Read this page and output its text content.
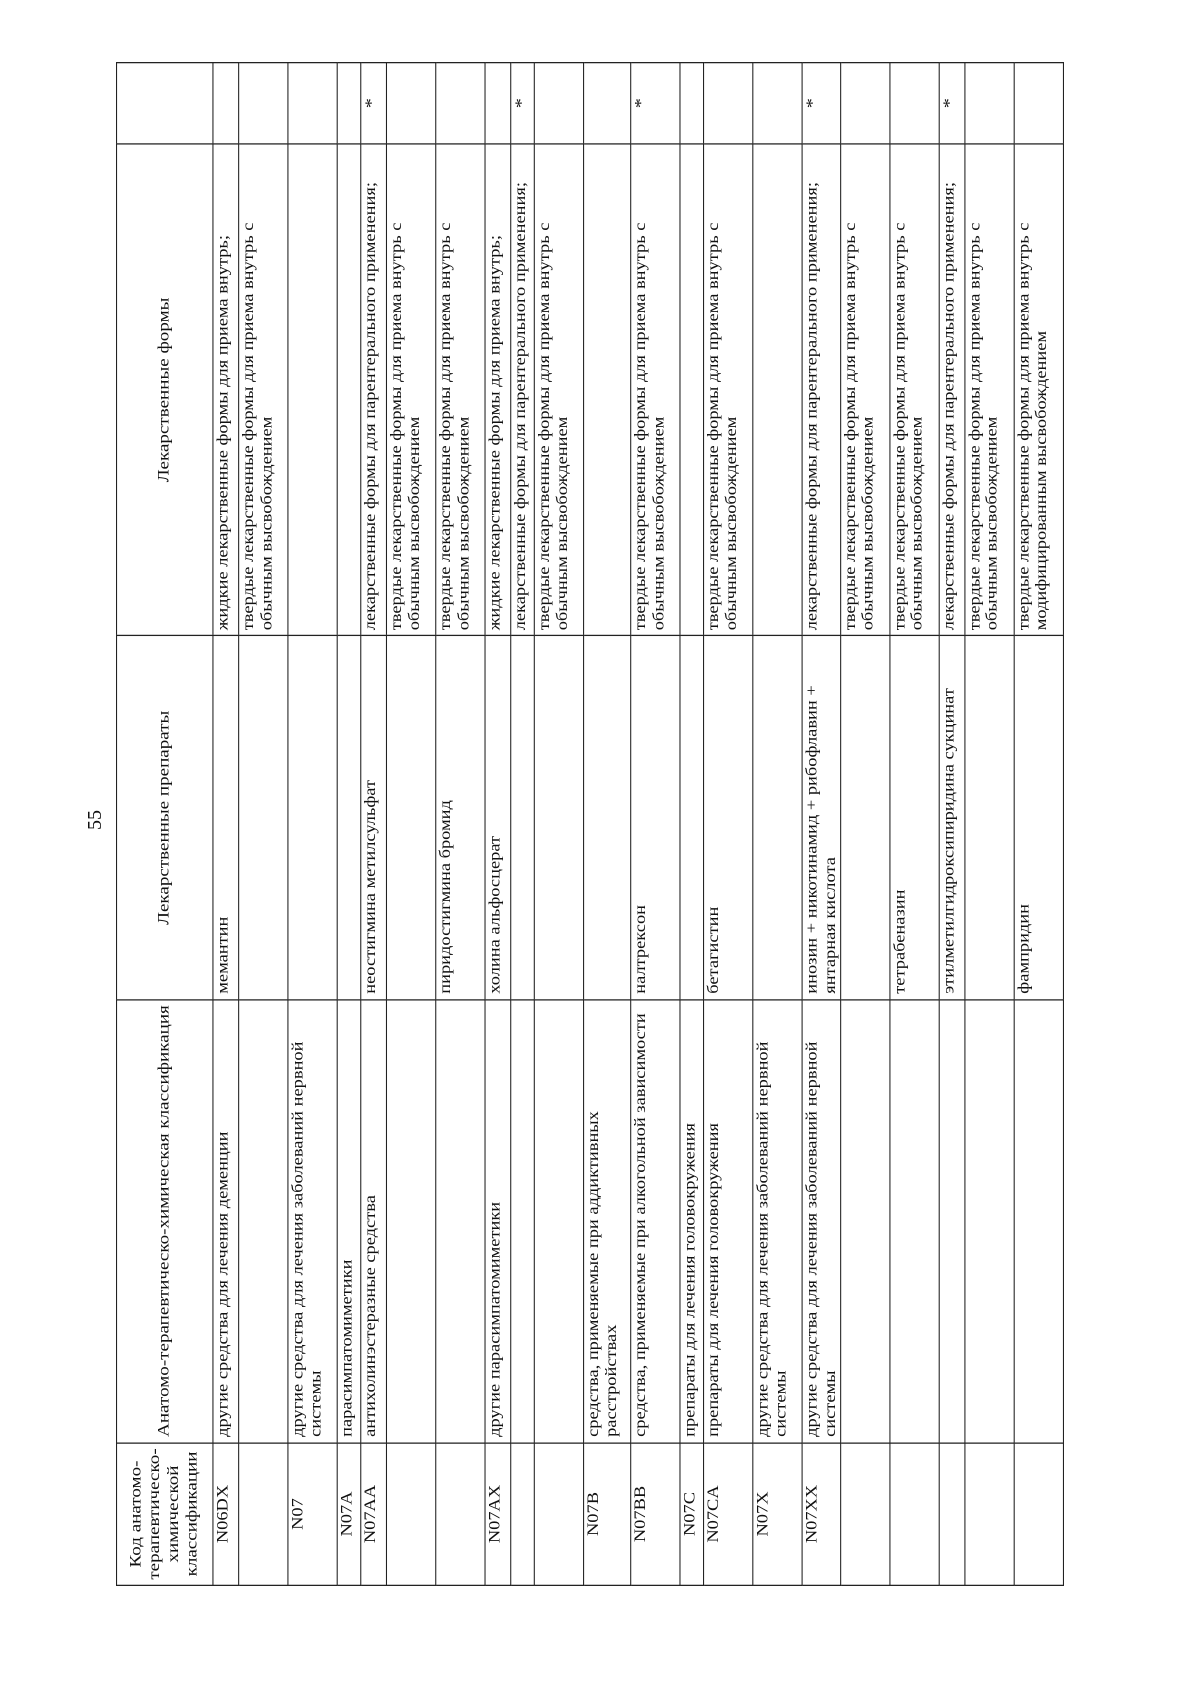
55
Код анатомо-терапевтическо-химической классификации	Анатомо-терапевтическо-химическая классификация	Лекарственные препараты	Лекарственные формы	
N06DX	другие средства для лечения деменции	мемантин	жидкие лекарственные формы для приема внутрь;	
			твердые лекарственные формы для приема внутрь с обычным высвобождением	
N07	другие средства для лечения заболеваний нервной системы			
N07A	парасимпатомиметики			
N07AA	антихолинэстеразные средства	неостигмина метилсульфат	лекарственные формы для парентерального применения;	*
			твердые лекарственные формы для приема внутрь с обычным высвобождением	
		пиридостигмина бромид	твердые лекарственные формы для приема внутрь с обычным высвобождением	
N07AX	другие парасимпатомиметики	холина альфосцерат	жидкие лекарственные формы для приема внутрь;	
			лекарственные формы для парентерального применения;	*
			твердые лекарственные формы для приема внутрь с обычным высвобождением	
N07B	средства, применяемые при аддиктивных расстройствах			
N07BB	средства, применяемые при алкогольной зависимости	налтрексон	твердые лекарственные формы для приема внутрь с обычным высвобождением	*
N07C	препараты для лечения головокружения			
N07CA	препараты для лечения головокружения	бетагистин	твердые лекарственные формы для приема внутрь с обычным высвобождением	
N07X	другие средства для лечения заболеваний нервной системы			
N07XX	другие средства для лечения заболеваний нервной системы	инозин + никотинамид + рибофлавин + янтарная кислота	лекарственные формы для парентерального применения;	*
			твердые лекарственные формы для приема внутрь с обычным высвобождением	
		тетрабеназин	твердые лекарственные формы для приема внутрь с обычным высвобождением	
		этилметилгидроксипиридина сукцинат	лекарственные формы для парентерального применения;	*
			твердые лекарственные формы для приема внутрь с обычным высвобождением	
		фампридин	твердые лекарственные формы для приема внутрь с модифицированным высвобождением	
